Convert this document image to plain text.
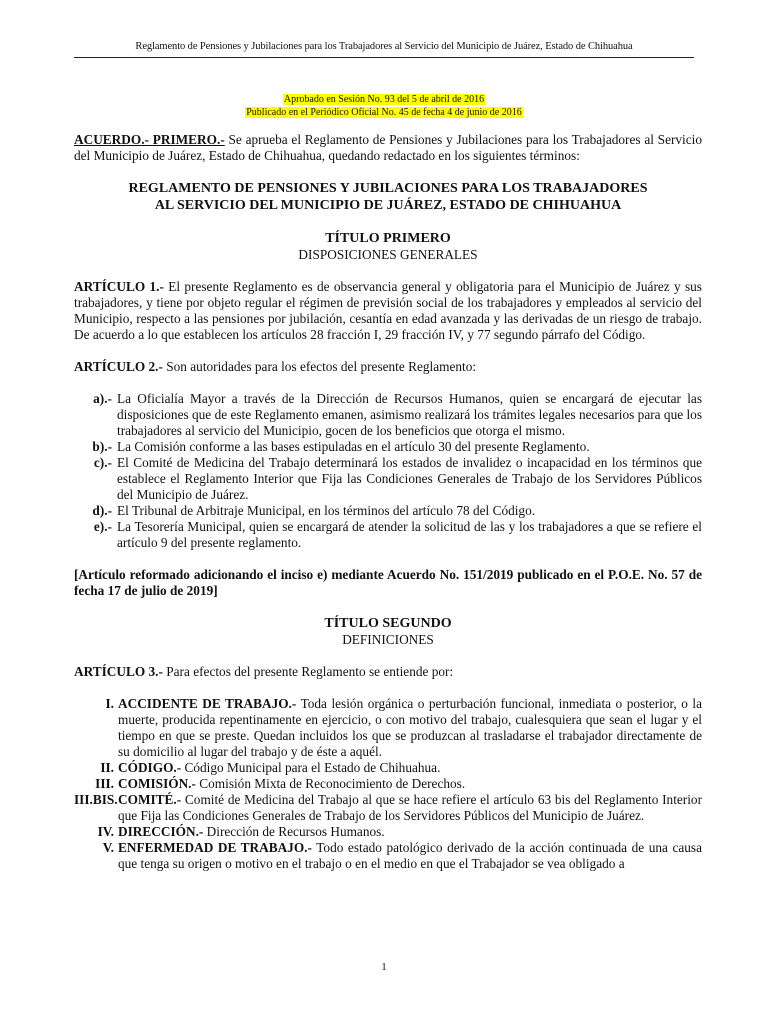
Reglamento de Pensiones y Jubilaciones para los Trabajadores al Servicio del Municipio de Juárez, Estado de Chihuahua
Aprobado en Sesión No. 93 del 5 de abril de 2016
Publicado en el Periódico Oficial No. 45 de fecha 4 de junio de 2016

ACUERDO.- PRIMERO.- Se aprueba el Reglamento de Pensiones y Jubilaciones para los Trabajadores al Servicio del Municipio de Juárez, Estado de Chihuahua, quedando redactado en los siguientes términos:

REGLAMENTO DE PENSIONES Y JUBILACIONES PARA LOS TRABAJADORES

AL SERVICIO DEL MUNICIPIO DE JUÁREZ, ESTADO DE CHIHUAHUA

TÍTULO PRIMERO

DISPOSICIONES GENERALES

ARTÍCULO 1.- El presente Reglamento es de observancia general y obligatoria para el Municipio de Juárez y sus trabajadores, y tiene por objeto regular el régimen de previsión social de los trabajadores y empleados al servicio del Municipio, respecto a las pensiones por jubilación, cesantía en edad avanzada y las derivadas de un riesgo de trabajo. De acuerdo a lo que establecen los artículos 28 fracción I, 29 fracción IV, y 77 segundo párrafo del Código.

ARTÍCULO 2.- Son autoridades para los efectos del presente Reglamento:

a).- La Oficialía Mayor a través de la Dirección de Recursos Humanos, quien se encargará de ejecutar las disposiciones que de este Reglamento emanen, asimismo realizará los trámites legales necesarios para que los trabajadores al servicio del Municipio, gocen de los beneficios que otorga el mismo.
b).- La Comisión conforme a las bases estipuladas en el artículo 30 del presente Reglamento.
c).- El Comité de Medicina del Trabajo determinará los estados de invalidez o incapacidad en los términos que establece el Reglamento Interior que Fija las Condiciones Generales de Trabajo de los Servidores Públicos del Municipio de Juárez.
d).- El Tribunal de Arbitraje Municipal, en los términos del artículo 78 del Código.
e).- La Tesorería Municipal, quien se encargará de atender la solicitud de las y los trabajadores a que se refiere el artículo 9 del presente reglamento.

[Artículo reformado adicionando el inciso e) mediante Acuerdo No. 151/2019 publicado en el P.O.E. No. 57 de fecha 17 de julio de 2019]

TÍTULO SEGUNDO

DEFINICIONES

ARTÍCULO 3.- Para efectos del presente Reglamento se entiende por:

I. ACCIDENTE DE TRABAJO.- Toda lesión orgánica o perturbación funcional, inmediata o posterior, o la muerte, producida repentinamente en ejercicio, o con motivo del trabajo, cualesquiera que sean el lugar y el tiempo en que se preste. Quedan incluidos los que se produzcan al trasladarse el trabajador directamente de su domicilio al lugar del trabajo y de éste a aquél.
II. CÓDIGO.- Código Municipal para el Estado de Chihuahua.
III. COMISIÓN.- Comisión Mixta de Reconocimiento de Derechos.
III.BIS. COMITÉ.- Comité de Medicina del Trabajo al que se hace refiere el artículo 63 bis del Reglamento Interior que Fija las Condiciones Generales de Trabajo de los Servidores Públicos del Municipio de Juárez.
IV. DIRECCIÓN.- Dirección de Recursos Humanos.
V. ENFERMEDAD DE TRABAJO.- Todo estado patológico derivado de la acción continuada de una causa que tenga su origen o motivo en el trabajo o en el medio en que el Trabajador se vea obligado a
1
